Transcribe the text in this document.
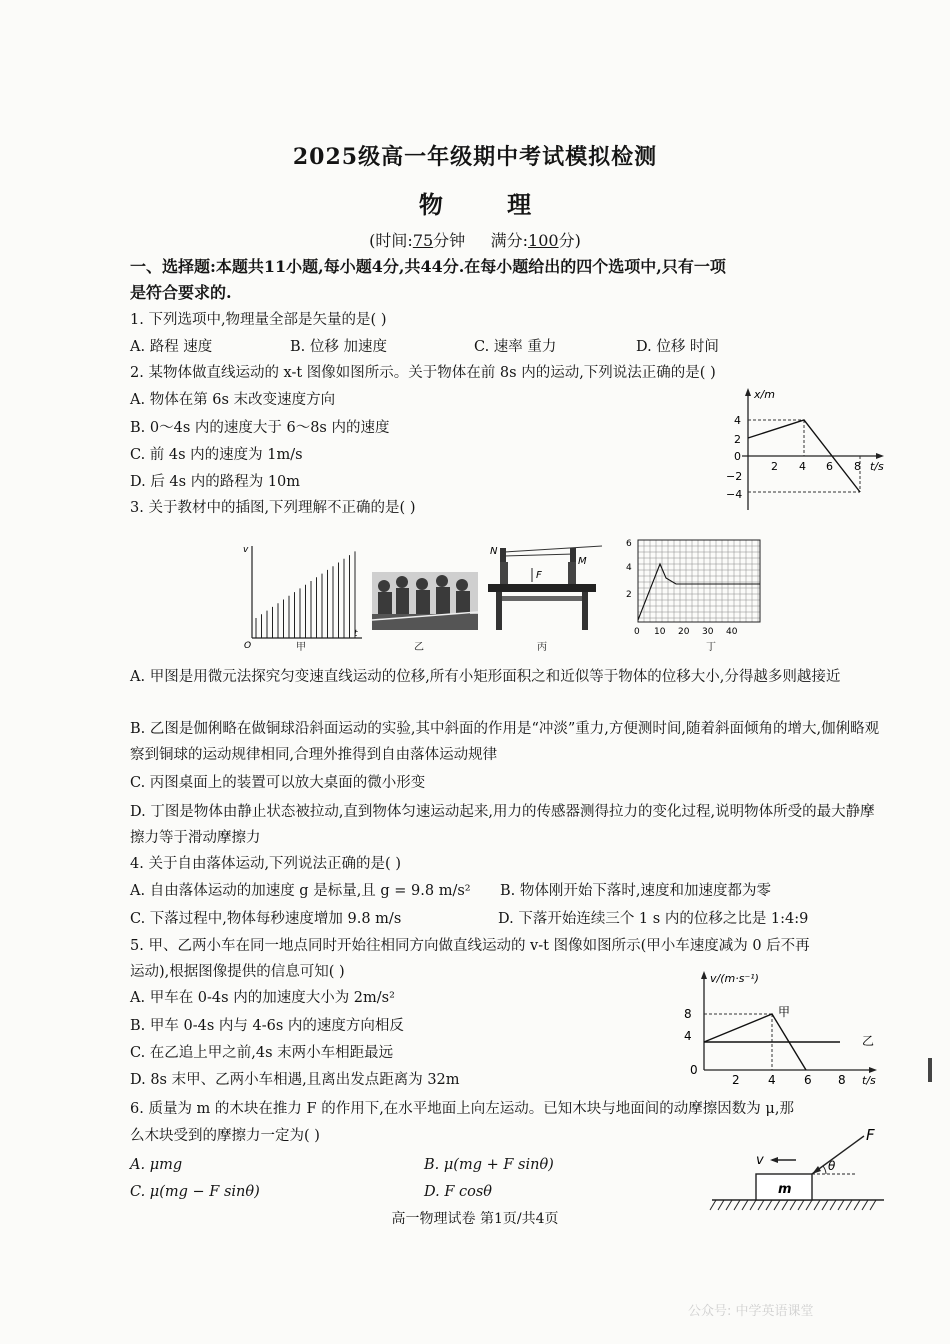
2025级高一年级期中考试模拟检测
物 理
(时间:75分钟 满分:100分)
一、选择题:本题共11小题,每小题4分,共44分.在每小题给出的四个选项中,只有一项
是符合要求的.
1. 下列选项中,物理量全部是矢量的是( )
A. 路程 速度	B. 位移 加速度	C. 速率 重力	D. 位移 时间
2. 某物体做直线运动的 x-t 图像如图所示。关于物体在前 8s 内的运动,下列说法正确的是( )
A. 物体在第 6s 末改变速度方向
B. 0～4s 内的速度大于 6～8s 内的速度
C. 前 4s 内的速度为 1m/s
D. 后 4s 内的路程为 10m
x/m
t/s
4
2
0
−2
−4
2 4 6 8
3. 关于教材中的插图,下列理解不正确的是( )
v
t
O	甲	乙
N
M
F
丙
6
4
2
0 10 20 30 40
丁
A. 甲图是用微元法探究匀变速直线运动的位移,所有小矩形面积之和近似等于物体的位移大小,分得越多则越接近
B. 乙图是伽俐略在做铜球沿斜面运动的实验,其中斜面的作用是“冲淡”重力,方便测时间,随着斜面倾角的增大,伽俐略观察到铜球的运动规律相同,合理外推得到自由落体运动规律
C. 丙图桌面上的装置可以放大桌面的微小形变
D. 丁图是物体由静止状态被拉动,直到物体匀速运动起来,用力的传感器测得拉力的变化过程,说明物体所受的最大静摩擦力等于滑动摩擦力
4. 关于自由落体运动,下列说法正确的是( )
A. 自由落体运动的加速度 g 是标量,且 g = 9.8 m/s² B. 物体刚开始下落时,速度和加速度都为零
C. 下落过程中,物体每秒速度增加 9.8 m/s	D. 下落开始连续三个 1 s 内的位移之比是 1:4:9
5. 甲、乙两小车在同一地点同时开始往相同方向做直线运动的 v-t 图像如图所示(甲小车速度减为 0 后不再
运动),根据图像提供的信息可知( )
A. 甲车在 0-4s 内的加速度大小为 2m/s²
B. 甲车 0-4s 内与 4-6s 内的速度方向相反
C. 在乙追上甲之前,4s 末两小车相距最远
D. 8s 末甲、乙两小车相遇,且离出发点距离为 32m
v/(m·s⁻¹)
t/s
8
4
0
2 4 6 8
甲
乙
6. 质量为 m 的木块在推力 F 的作用下,在水平地面上向左运动。已知木块与地面间的动摩擦因数为 μ,那
么木块受到的摩擦力一定为( )
A. μmg	B. μ(mg + F sinθ)
C. μ(mg − F sinθ)	D. F cosθ	m
F
θ
v
高一物理试卷 第1页/共4页
公众号: 中学英语课堂
